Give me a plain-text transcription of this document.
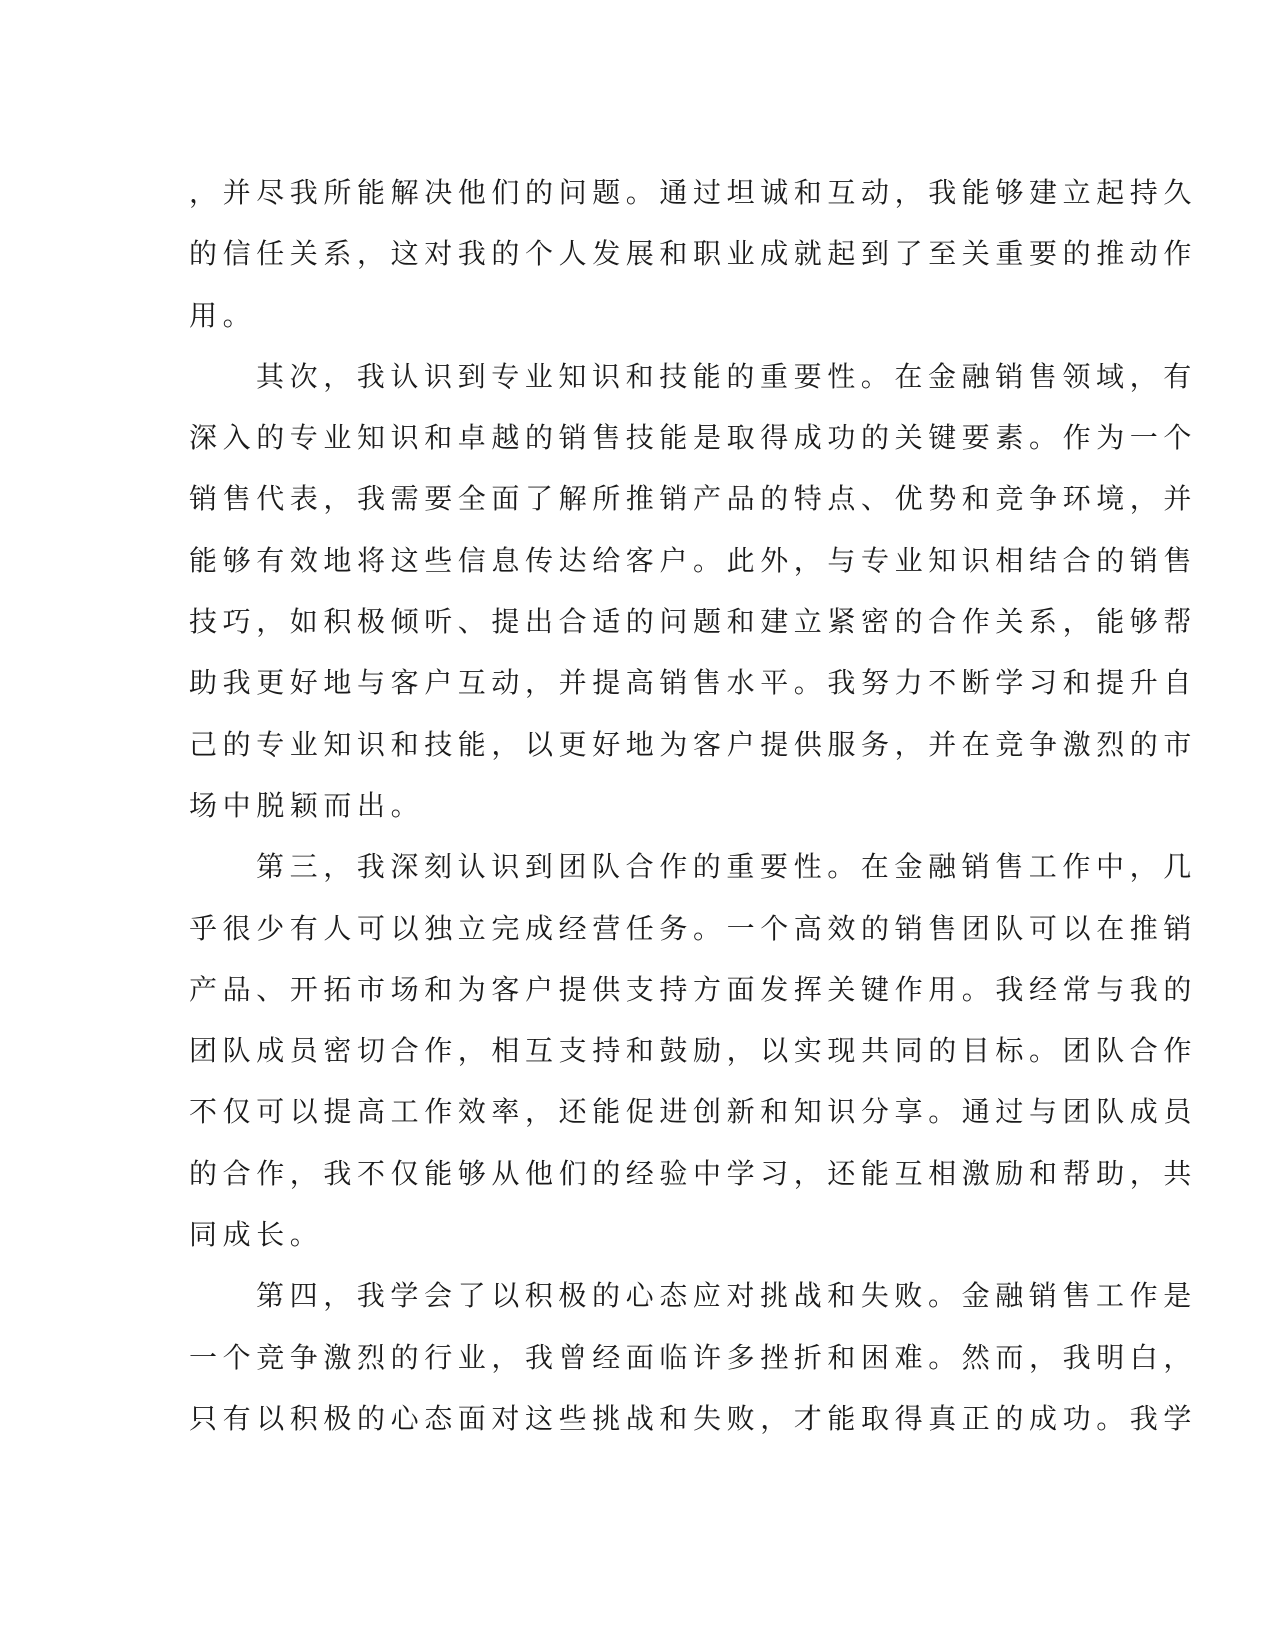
，并尽我所能解决他们的问题。通过坦诚和互动，我能够建立起持久
的信任关系，这对我的个人发展和职业成就起到了至关重要的推动作
用。
其次，我认识到专业知识和技能的重要性。在金融销售领域，有
深入的专业知识和卓越的销售技能是取得成功的关键要素。作为一个
销售代表，我需要全面了解所推销产品的特点、优势和竞争环境，并
能够有效地将这些信息传达给客户。此外，与专业知识相结合的销售
技巧，如积极倾听、提出合适的问题和建立紧密的合作关系，能够帮
助我更好地与客户互动，并提高销售水平。我努力不断学习和提升自
己的专业知识和技能，以更好地为客户提供服务，并在竞争激烈的市
场中脱颖而出。
第三，我深刻认识到团队合作的重要性。在金融销售工作中，几
乎很少有人可以独立完成经营任务。一个高效的销售团队可以在推销
产品、开拓市场和为客户提供支持方面发挥关键作用。我经常与我的
团队成员密切合作，相互支持和鼓励，以实现共同的目标。团队合作
不仅可以提高工作效率，还能促进创新和知识分享。通过与团队成员
的合作，我不仅能够从他们的经验中学习，还能互相激励和帮助，共
同成长。
第四，我学会了以积极的心态应对挑战和失败。金融销售工作是
一个竞争激烈的行业，我曾经面临许多挫折和困难。然而，我明白，
只有以积极的心态面对这些挑战和失败，才能取得真正的成功。我学
